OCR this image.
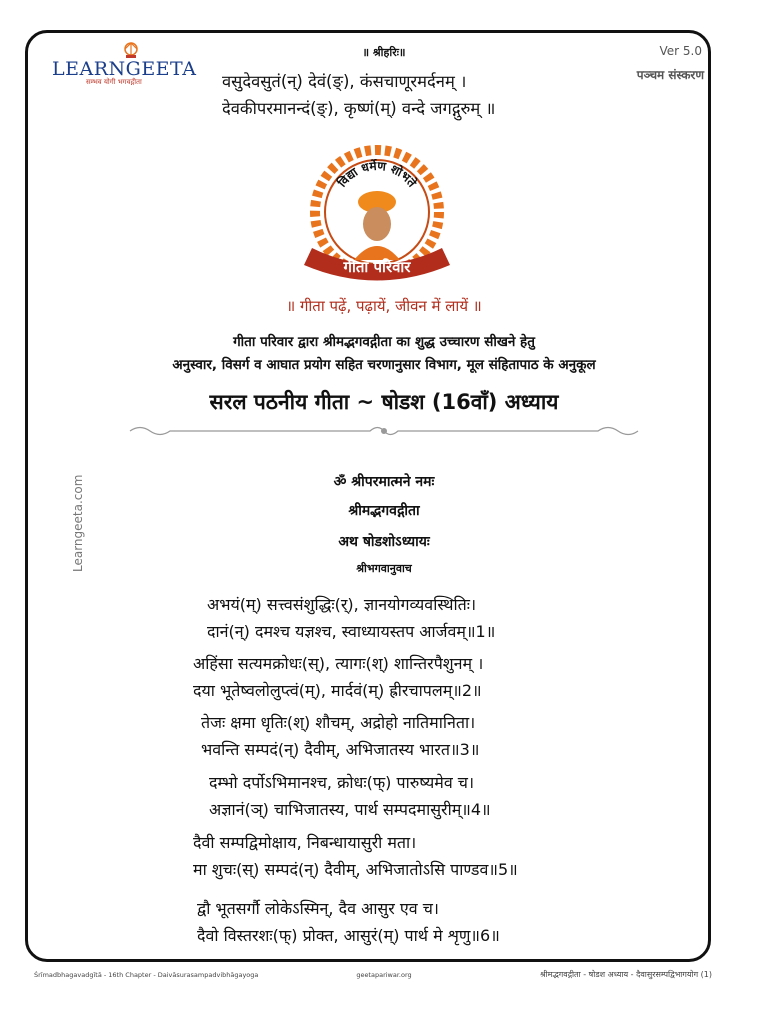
LEARNGEETA
सम्भव योगी भगवद्गीता
॥ श्रीहरिः॥	Ver 5.0
पञ्चम संस्करण
वसुदेवसुतं(न्) देवं(ङ्), कंसचाणूरमर्दनम् ।
देवकीपरमानन्दं(ङ्), कृष्णं(म्) वन्दे जगद्गुरुम् ॥
विद्या धर्मेण शोभते
गीता परिवार
॥ गीता पढ़ें, पढ़ायें, जीवन में लायें ॥
गीता परिवार द्वारा श्रीमद्भगवद्गीता का शुद्ध उच्चारण सीखने हेतु
अनुस्वार, विसर्ग व आघात प्रयोग सहित चरणानुसार विभाग, मूल संहितापाठ के अनुकूल
सरल पठनीय गीता ~ षोडश (16वाँ) अध्याय
Learngeeta.com	ॐ श्रीपरमात्मने नमः
श्रीमद्भगवद्गीता
अथ षोडशोऽध्यायः
श्रीभगवानुवाच
अभयं(म्) सत्त्वसंशुद्धिः(र्), ज्ञानयोगव्यवस्थितिः।
दानं(न्) दमश्च यज्ञश्च, स्वाध्यायस्तप आर्जवम्॥1॥
अहिंसा सत्यमक्रोधः(स्), त्यागः(श्) शान्तिरपैशुनम् ।
दया भूतेष्वलोलुप्त्वं(म्), मार्दवं(म्) ह्रीरचापलम्॥2॥
तेजः क्षमा धृतिः(श्) शौचम्, अद्रोहो नातिमानिता।
भवन्ति सम्पदं(न्) दैवीम्, अभिजातस्य भारत॥3॥
दम्भो दर्पोऽभिमानश्च, क्रोधः(फ्) पारुष्यमेव च।
अज्ञानं(ञ्) चाभिजातस्य, पार्थ सम्पदमासुरीम्॥4॥
दैवी सम्पद्विमोक्षाय, निबन्धायासुरी मता।
मा शुचः(स्) सम्पदं(न्) दैवीम्, अभिजातोऽसि पाण्डव॥5॥
द्वौ भूतसर्गौ लोकेऽस्मिन्, दैव आसुर एव च।
दैवो विस्तरशः(फ्) प्रोक्त, आसुरं(म्) पार्थ मे शृणु॥6॥
Śrīmadbhagavadgītā - 16th Chapter - Daivāsurasampadvibhāgayoga	geetapariwar.org	श्रीमद्भगवद्गीता - षोडश अध्याय - दैवासुरसम्पद्विभागयोग (1)
